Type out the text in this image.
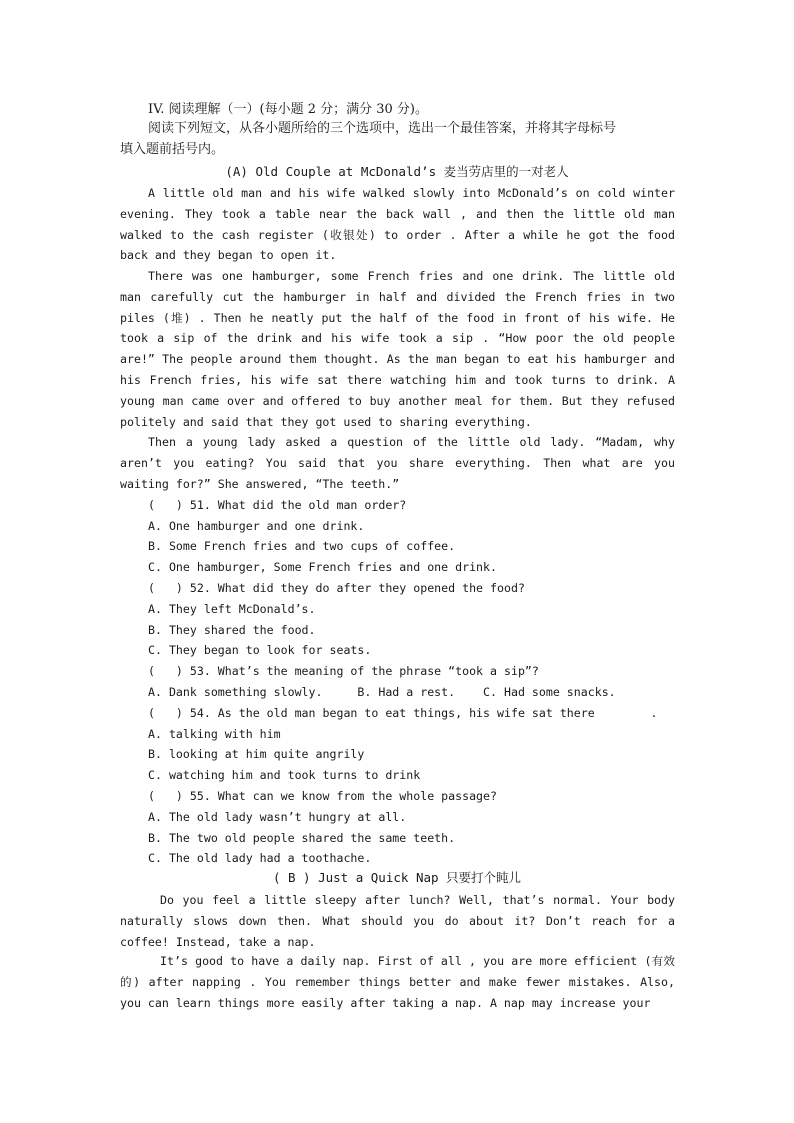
IV. 阅读理解（一）(每小题 2 分；满分 30 分)。
阅读下列短文，从各小题所给的三个选项中，选出一个最佳答案，并将其字母标号
填入题前括号内。
(A) Old Couple at McDonald’s 麦当劳店里的一对老人

A little old man and his wife walked slowly into McDonald’s on cold winter evening. They took a table near the back wall , and then the little old man walked to the cash register (收银处) to order . After a while he got the food back and they began to open it.

There was one hamburger, some French fries and one drink. The little old man carefully cut the hamburger in half and divided the French fries in two piles (堆) . Then he neatly put the half of the food in front of his wife. He took a sip of the drink and his wife took a sip . “How poor the old people are!” The people around them thought. As the man began to eat his hamburger and his French fries, his wife sat there watching him and took turns to drink. A young man came over and offered to buy another meal for them. But they refused politely and said that they got used to sharing everything.

Then a young lady asked a question of the little old lady. “Madam, why aren’t you eating? You said that you share everything. Then what are you waiting for?” She answered, “The teeth.”

(   ) 51. What did the old man order?
A. One hamburger and one drink.
B. Some French fries and two cups of coffee.
C. One hamburger, Some French fries and one drink.
(   ) 52. What did they do after they opened the food?
A. They left McDonald’s.
B. They shared the food.
C. They began to look for seats.
(   ) 53. What’s the meaning of the phrase “took a sip”?
A. Dank something slowly.     B. Had a rest.    C. Had some snacks.
(   ) 54. As the old man began to eat things, his wife sat there        .
A. talking with him
B. looking at him quite angrily
C. watching him and took turns to drink
(   ) 55. What can we know from the whole passage?
A. The old lady wasn’t hungry at all.
B. The two old people shared the same teeth.
C. The old lady had a toothache.
( B ) Just a Quick Nap 只要打个盹儿

Do you feel a little sleepy after lunch? Well, that’s normal. Your body naturally slows down then. What should you do about it? Don’t reach for a coffee! Instead, take a nap.

It’s good to have a daily nap. First of all , you are more efficient (有效的) after napping . You remember things better and make fewer mistakes. Also, you can learn things more easily after taking a nap. A nap may increase your
